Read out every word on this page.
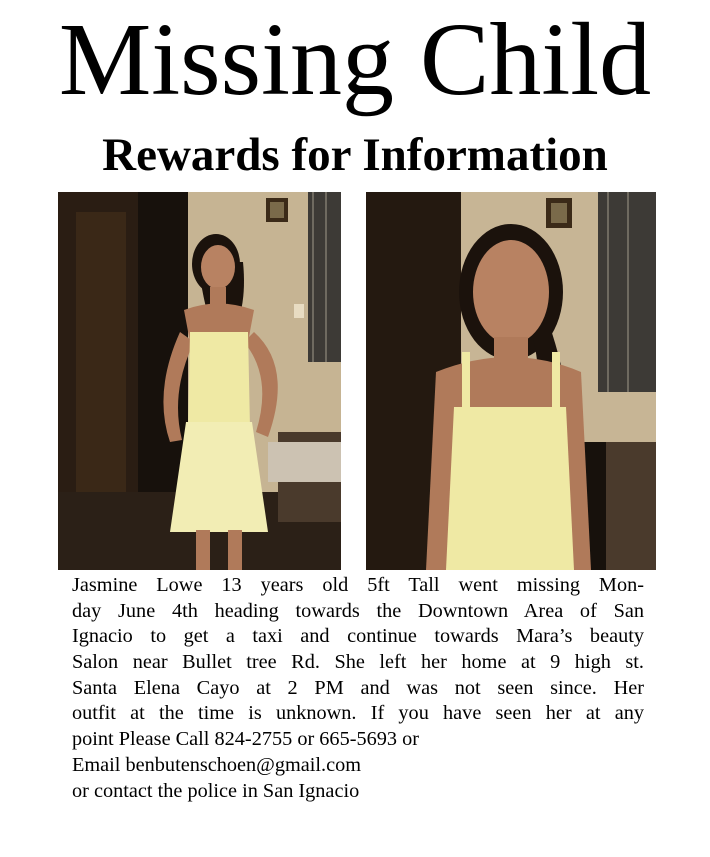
Missing Child
Rewards for Information
Jasmine Lowe 13 years old 5ft Tall went missing Mon-
day June 4th heading towards the Downtown Area of San
Ignacio to get a taxi and continue towards Mara’s beauty
Salon near Bullet tree Rd. She left her home at 9 high st.
Santa Elena Cayo at 2 PM and was not seen since. Her
outfit at the time is unknown. If you have seen her at any
point Please Call 824-2755 or 665-5693 or
Email benbutenschoen@gmail.com
or contact the police in San Ignacio
